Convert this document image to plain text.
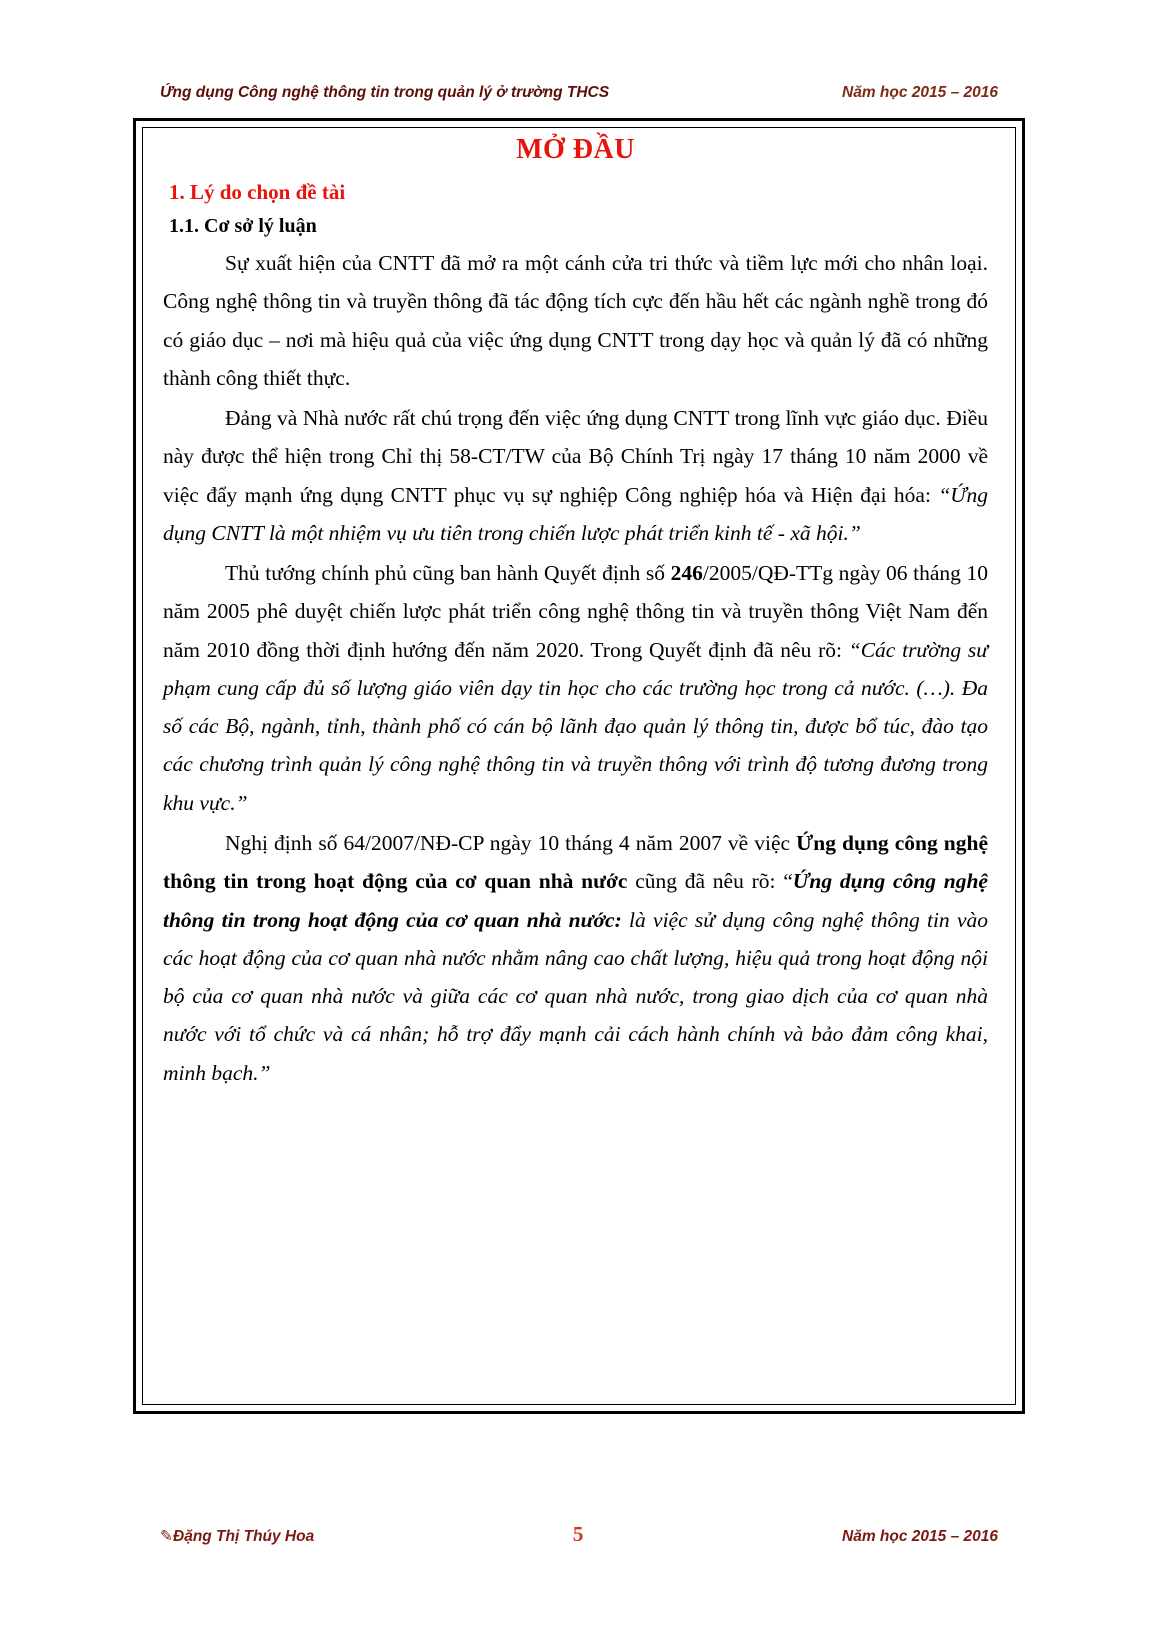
Ứng dụng Công nghệ thông tin trong quản lý ở trường THCS	Năm học 2015 – 2016
MỞ ĐẦU
1. Lý do chọn đề tài
1.1. Cơ sở lý luận

Sự xuất hiện của CNTT đã mở ra một cánh cửa tri thức và tiềm lực mới cho nhân loại. Công nghệ thông tin và truyền thông đã tác động tích cực đến hầu hết các ngành nghề trong đó có giáo dục – nơi mà hiệu quả của việc ứng dụng CNTT trong dạy học và quản lý đã có những thành công thiết thực.

Đảng và Nhà nước rất chú trọng đến việc ứng dụng CNTT trong lĩnh vực giáo dục. Điều này được thể hiện trong Chỉ thị 58-CT/TW của Bộ Chính Trị ngày 17 tháng 10 năm 2000 về việc đẩy mạnh ứng dụng CNTT phục vụ sự nghiệp Công nghiệp hóa và Hiện đại hóa: “Ứng dụng CNTT là một nhiệm vụ ưu tiên trong chiến lược phát triển kinh tế - xã hội.”

Thủ tướng chính phủ cũng ban hành Quyết định số 246/2005/QĐ-TTg ngày 06 tháng 10 năm 2005 phê duyệt chiến lược phát triển công nghệ thông tin và truyền thông Việt Nam đến năm 2010 đồng thời định hướng đến năm 2020. Trong Quyết định đã nêu rõ: “Các trường sư phạm cung cấp đủ số lượng giáo viên dạy tin học cho các trường học trong cả nước. (…). Đa số các Bộ, ngành, tỉnh, thành phố có cán bộ lãnh đạo quản lý thông tin, được bổ túc, đào tạo các chương trình quản lý công nghệ thông tin và truyền thông với trình độ tương đương trong khu vực.”

Nghị định số 64/2007/NĐ-CP ngày 10 tháng 4 năm 2007 về việc Ứng dụng công nghệ thông tin trong hoạt động của cơ quan nhà nước cũng đã nêu rõ: “Ứng dụng công nghệ thông tin trong hoạt động của cơ quan nhà nước: là việc sử dụng công nghệ thông tin vào các hoạt động của cơ quan nhà nước nhằm nâng cao chất lượng, hiệu quả trong hoạt động nội bộ của cơ quan nhà nước và giữa các cơ quan nhà nước, trong giao dịch của cơ quan nhà nước với tổ chức và cá nhân; hỗ trợ đẩy mạnh cải cách hành chính và bảo đảm công khai, minh bạch.”

✎Đặng Thị Thúy Hoa	5	Năm học 2015 – 2016
